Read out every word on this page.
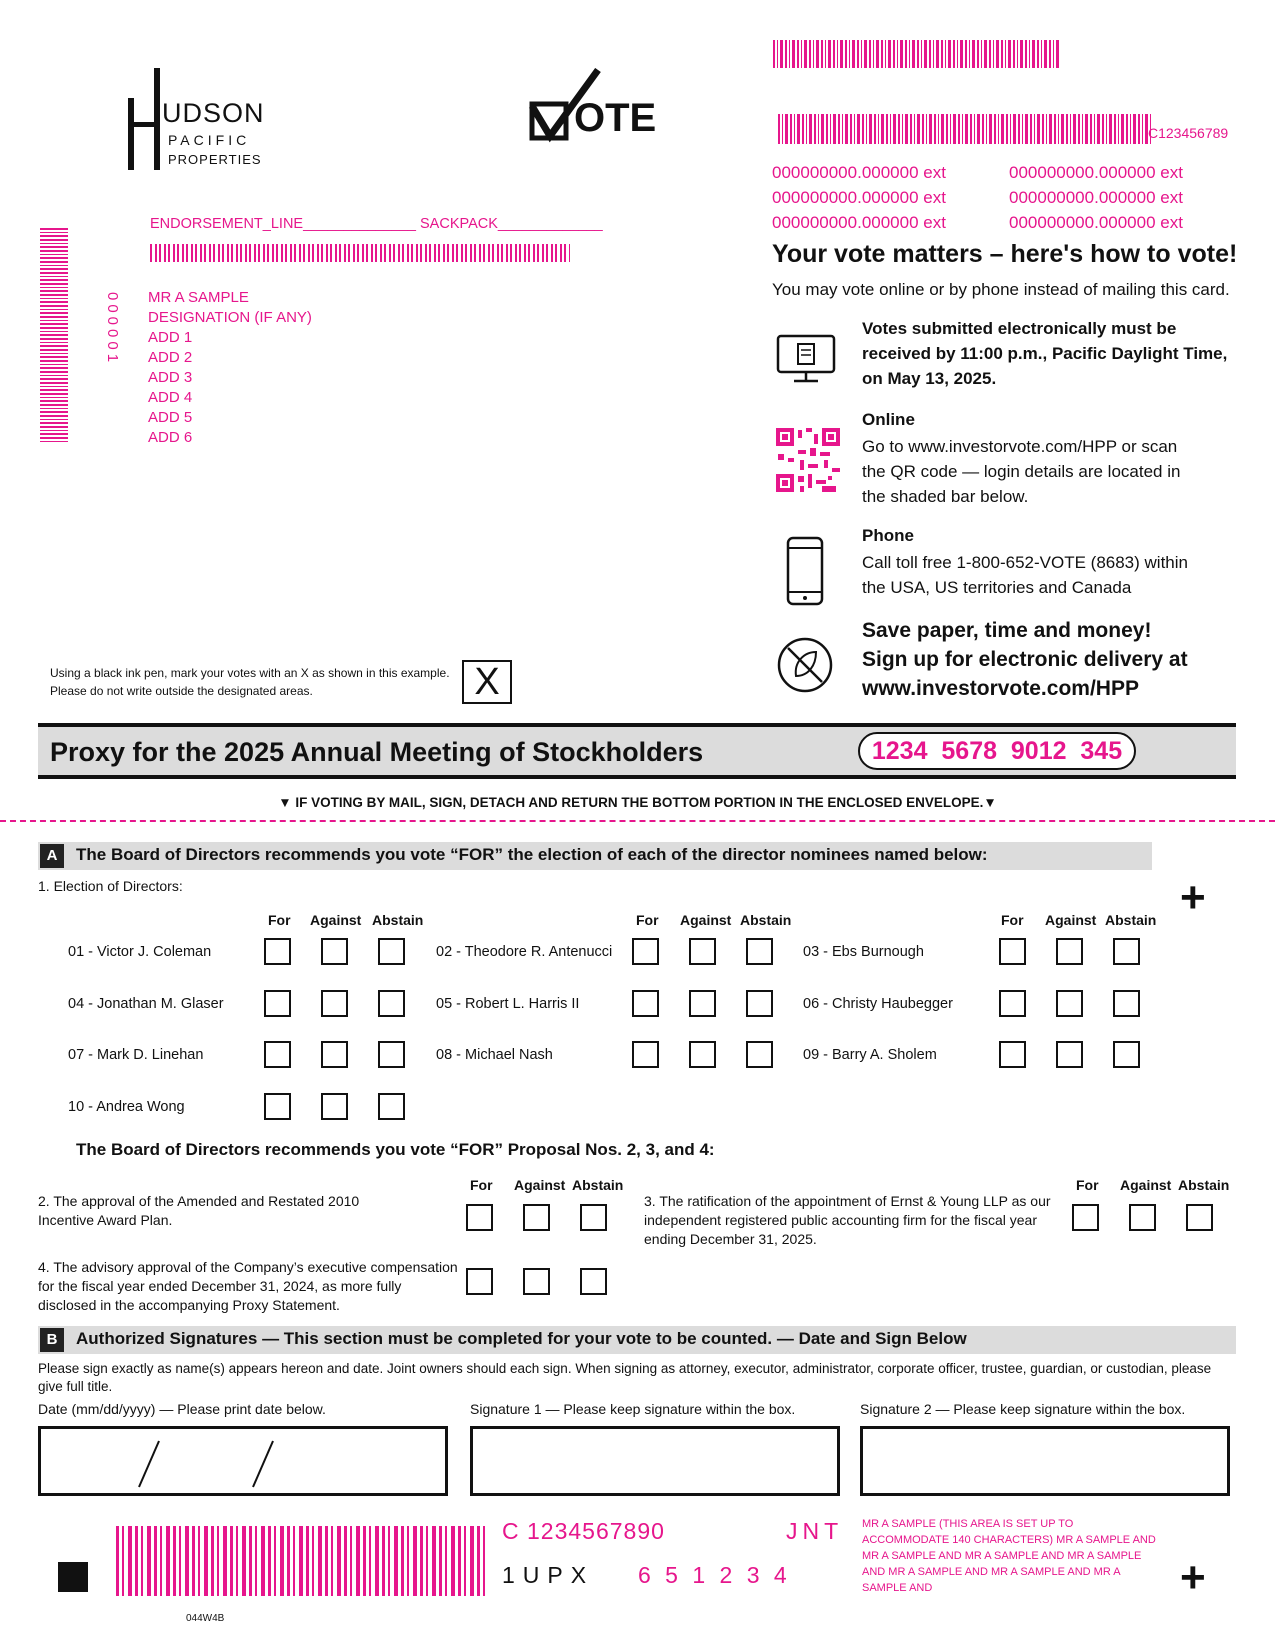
UDSON
PACIFIC
PROPERTIES
OTE	C123456789
000000000.000000 ext	000000000.000000 ext
000000000.000000 ext	000000000.000000 ext
000000000.000000 ext	000000000.000000 ext
ENDORSEMENT_LINE______________ SACKPACK_____________
000001 MR A SAMPLE
DESIGNATION (IF ANY)
ADD 1
ADD 2
ADD 3
ADD 4
ADD 5
ADD 6
Your vote matters – here's how to vote!
You may vote online or by phone instead of mailing this card.
Votes submitted electronically must be received by 11:00 p.m., Pacific Daylight Time, on May 13, 2025.
Online
Go to www.investorvote.com/HPP or scan the QR code — login details are located in the shaded bar below.
Phone
Call toll free 1-800-652-VOTE (8683) within the USA, US territories and Canada
Save paper, time and money! Sign up for electronic delivery at www.investorvote.com/HPP
Using a black ink pen, mark your votes with an X as shown in this example.
Please do not write outside the designated areas.	X
Proxy for the 2025 Annual Meeting of Stockholders	1234  5678  9012  345
▼ IF VOTING BY MAIL, SIGN, DETACH AND RETURN THE BOTTOM PORTION IN THE ENCLOSED ENVELOPE.▼
A	The Board of Directors recommends you vote “FOR” the election of each of the director nominees named below:
+
1. Election of Directors:
For Against Abstain	For Against Abstain	For Against Abstain
01 - Victor J. Coleman	02 - Theodore R. Antenucci	03 - Ebs Burnough
04 - Jonathan M. Glaser	05 - Robert L. Harris II	06 - Christy Haubegger
07 - Mark D. Linehan	08 - Michael Nash	09 - Barry A. Sholem
10 - Andrea Wong
The Board of Directors recommends you vote “FOR” Proposal Nos. 2, 3, and 4:
For Against Abstain	For Against Abstain
2. The approval of the Amended and Restated 2010 Incentive Award Plan.
3. The ratification of the appointment of Ernst & Young LLP as our independent registered public accounting firm for the fiscal year ending December 31, 2025.
4. The advisory approval of the Company’s executive compensation for the fiscal year ended December 31, 2024, as more fully disclosed in the accompanying Proxy Statement.
B	Authorized Signatures — This section must be completed for your vote to be counted. — Date and Sign Below
Please sign exactly as name(s) appears hereon and date. Joint owners should each sign. When signing as attorney, executor, administrator, corporate officer, trustee, guardian, or custodian, please give full title.
Date (mm/dd/yyyy) — Please print date below.	Signature 1 — Please keep signature within the box.	Signature 2 — Please keep signature within the box.
044W4B
C 1234567890	JNT
1UPX 6 5 1 2 3 4
MR A SAMPLE (THIS AREA IS SET UP TO ACCOMMODATE 140 CHARACTERS) MR A SAMPLE AND MR A SAMPLE AND MR A SAMPLE AND MR A SAMPLE AND MR A SAMPLE AND MR A SAMPLE AND MR A SAMPLE AND	+
